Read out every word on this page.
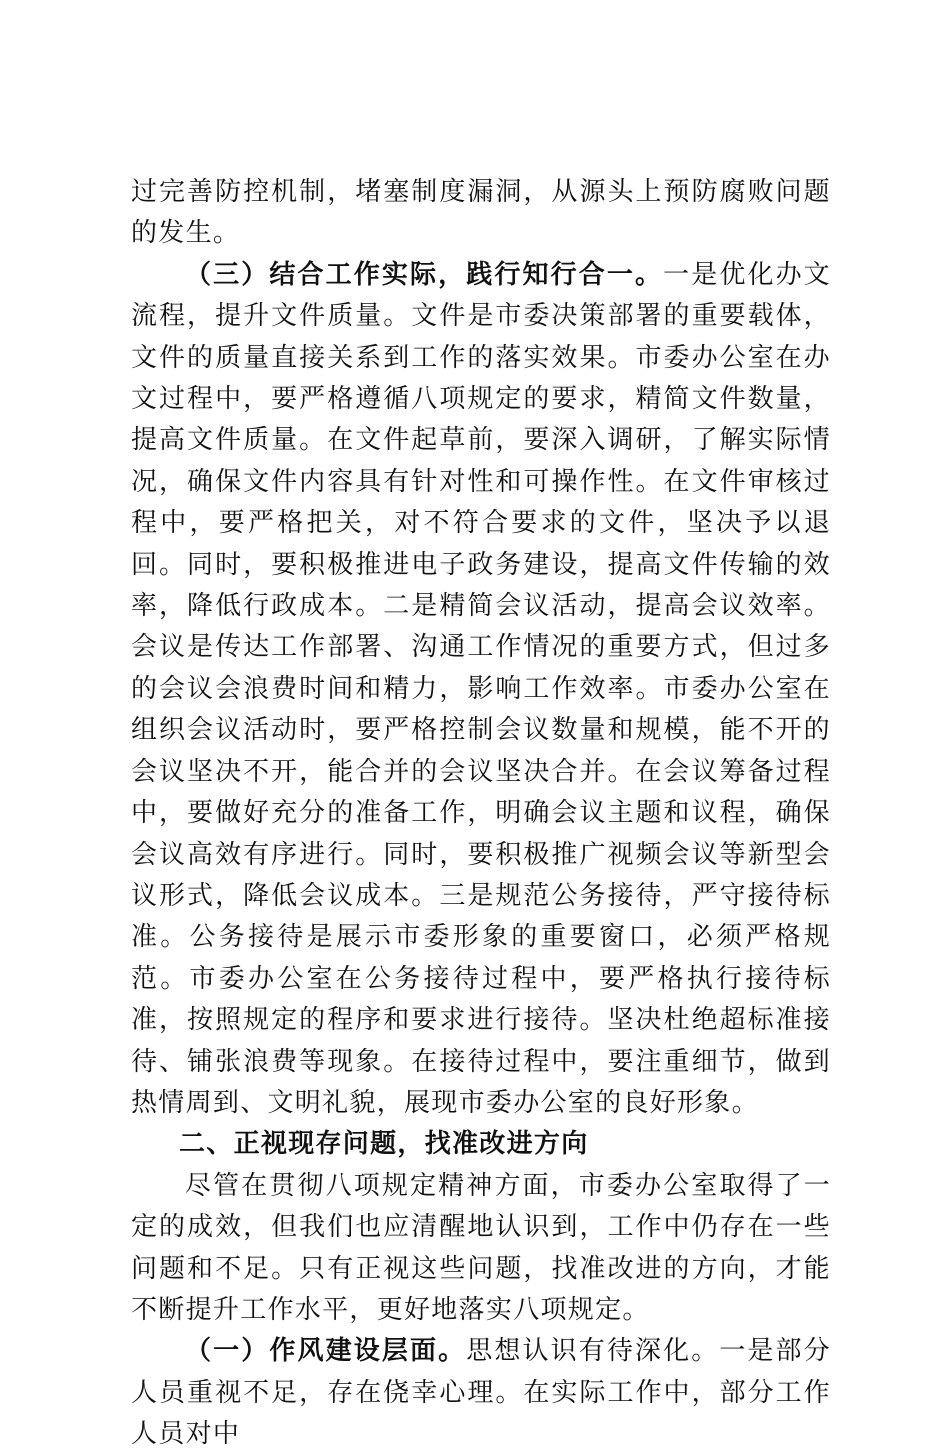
过完善防控机制，堵塞制度漏洞，从源头上预防腐败问题的发生。

（三）结合工作实际，践行知行合一。一是优化办文流程，提升文件质量。文件是市委决策部署的重要载体，文件的质量直接关系到工作的落实效果。市委办公室在办文过程中，要严格遵循八项规定的要求，精简文件数量，提高文件质量。在文件起草前，要深入调研，了解实际情况，确保文件内容具有针对性和可操作性。在文件审核过程中，要严格把关，对不符合要求的文件，坚决予以退回。同时，要积极推进电子政务建设，提高文件传输的效率，降低行政成本。二是精简会议活动，提高会议效率。会议是传达工作部署、沟通工作情况的重要方式，但过多的会议会浪费时间和精力，影响工作效率。市委办公室在组织会议活动时，要严格控制会议数量和规模，能不开的会议坚决不开，能合并的会议坚决合并。在会议筹备过程中，要做好充分的准备工作，明确会议主题和议程，确保会议高效有序进行。同时，要积极推广视频会议等新型会议形式，降低会议成本。三是规范公务接待，严守接待标准。公务接待是展示市委形象的重要窗口，必须严格规范。市委办公室在公务接待过程中，要严格执行接待标准，按照规定的程序和要求进行接待。坚决杜绝超标准接待、铺张浪费等现象。在接待过程中，要注重细节，做到热情周到、文明礼貌，展现市委办公室的良好形象。

二、正视现存问题，找准改进方向

尽管在贯彻八项规定精神方面，市委办公室取得了一定的成效，但我们也应清醒地认识到，工作中仍存在一些问题和不足。只有正视这些问题，找准改进的方向，才能不断提升工作水平，更好地落实八项规定。

（一）作风建设层面。思想认识有待深化。一是部分人员重视不足，存在侥幸心理。在实际工作中，部分工作人员对中
